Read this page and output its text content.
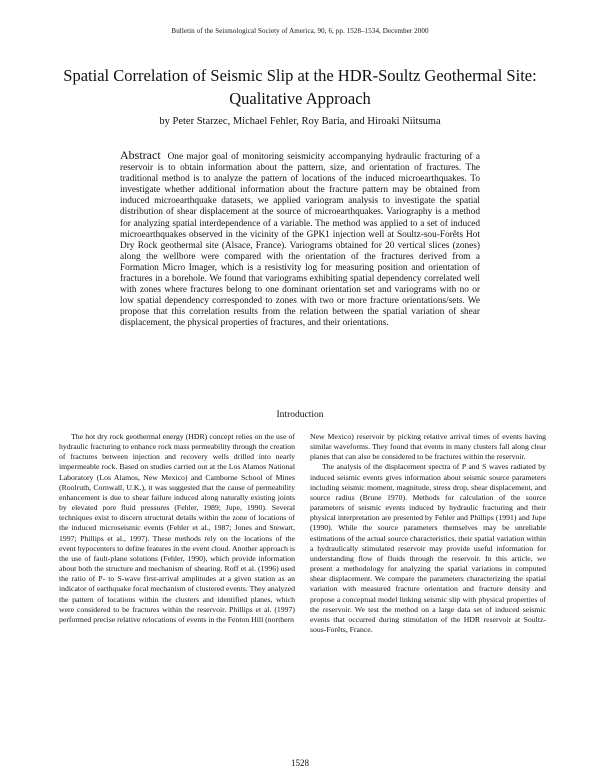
Bulletin of the Seismological Society of America, 90, 6, pp. 1528–1534, December 2000
Spatial Correlation of Seismic Slip at the HDR-Soultz Geothermal Site:
Qualitative Approach
by Peter Starzec, Michael Fehler, Roy Baria, and Hiroaki Niitsuma
Abstract One major goal of monitoring seismicity accompanying hydraulic fracturing of a reservoir is to obtain information about the pattern, size, and orientation of fractures. The traditional method is to analyze the pattern of locations of the induced microearthquakes. To investigate whether additional information about the fracture pattern may be obtained from induced microearthquake datasets, we applied variogram analysis to investigate the spatial distribution of shear displacement at the source of microearthquakes. Variography is a method for analyzing spatial interdependence of a variable. The method was applied to a set of induced microearthquakes observed in the vicinity of the GPK1 injection well at Soultz-sou-Forêts Hot Dry Rock geothermal site (Alsace, France). Variograms obtained for 20 vertical slices (zones) along the wellbore were compared with the orientation of the fractures derived from a Formation Micro Imager, which is a resistivity log for measuring position and orientation of fractures in a borehole. We found that variograms exhibiting spatial dependency correlated well with zones where fractures belong to one dominant orientation set and variograms with no or low spatial dependency corresponded to zones with two or more fracture orientations/sets. We propose that this correlation results from the relation between the spatial variation of shear displacement, the physical properties of fractures, and their orientations.
Introduction

The hot dry rock geothermal energy (HDR) concept relies on the use of hydraulic fracturing to enhance rock mass permeability through the creation of fractures between injection and recovery wells drilled into nearly impermeable rock. Based on studies carried out at the Los Alamos National Laboratory (Los Alamos, New Mexico) and Camborne School of Mines (Roolruth, Cornwall, U.K.), it was suggested that the cause of permeability enhancement is due to shear failure induced along naturally existing joints by elevated pore fluid pressures (Fehler, 1989; Jupe, 1990). Several techniques exist to discern structural details within the zone of locations of the induced microseismic events (Fehler et al., 1987; Jones and Stewart, 1997; Phillips et al., 1997). These methods rely on the locations of the event hypocenters to define features in the event cloud. Another approach is the use of fault-plane solutions (Fehler, 1990), which provide information about both the structure and mechanism of shearing. Roff et al. (1996) used the ratio of P- to S-wave first-arrival amplitudes at a given station as an indicator of earthquake focal mechanism of clustered events. They analyzed the pattern of locations within the clusters and identified planes, which were considered to be fractures within the reservoir. Phillips et al. (1997) performed precise relative relocations of events in the Fenton Hill (northern

New Mexico) reservoir by picking relative arrival times of events having similar waveforms. They found that events in many clusters fall along clear planes that can also be considered to be fractures within the reservoir.

The analysis of the displacement spectra of P and S waves radiated by induced seismic events gives information about seismic source parameters including seismic moment, magnitude, stress drop, shear displacement, and source radius (Brune 1970). Methods for calculation of the source parameters of seismic events induced by hydraulic fracturing and their physical interpretation are presented by Fehler and Phillips (1991) and Jupe (1990). While the source parameters themselves may be unreliable estimations of the actual source characteristics, their spatial variation within a hydraulically stimulated reservoir may provide useful information for understanding flow of fluids through the reservoir. In this article, we present a methodology for analyzing the spatial variations in computed shear displacement. We compare the parameters characterizing the spatial variation with measured fracture orientation and fracture density and propose a conceptual model linking seismic slip with physical properties of the reservoir. We test the method on a large data set of induced seismic events that occurred during stimulation of the HDR reservoir at Soultz-sous-Forêts, France.

1528
